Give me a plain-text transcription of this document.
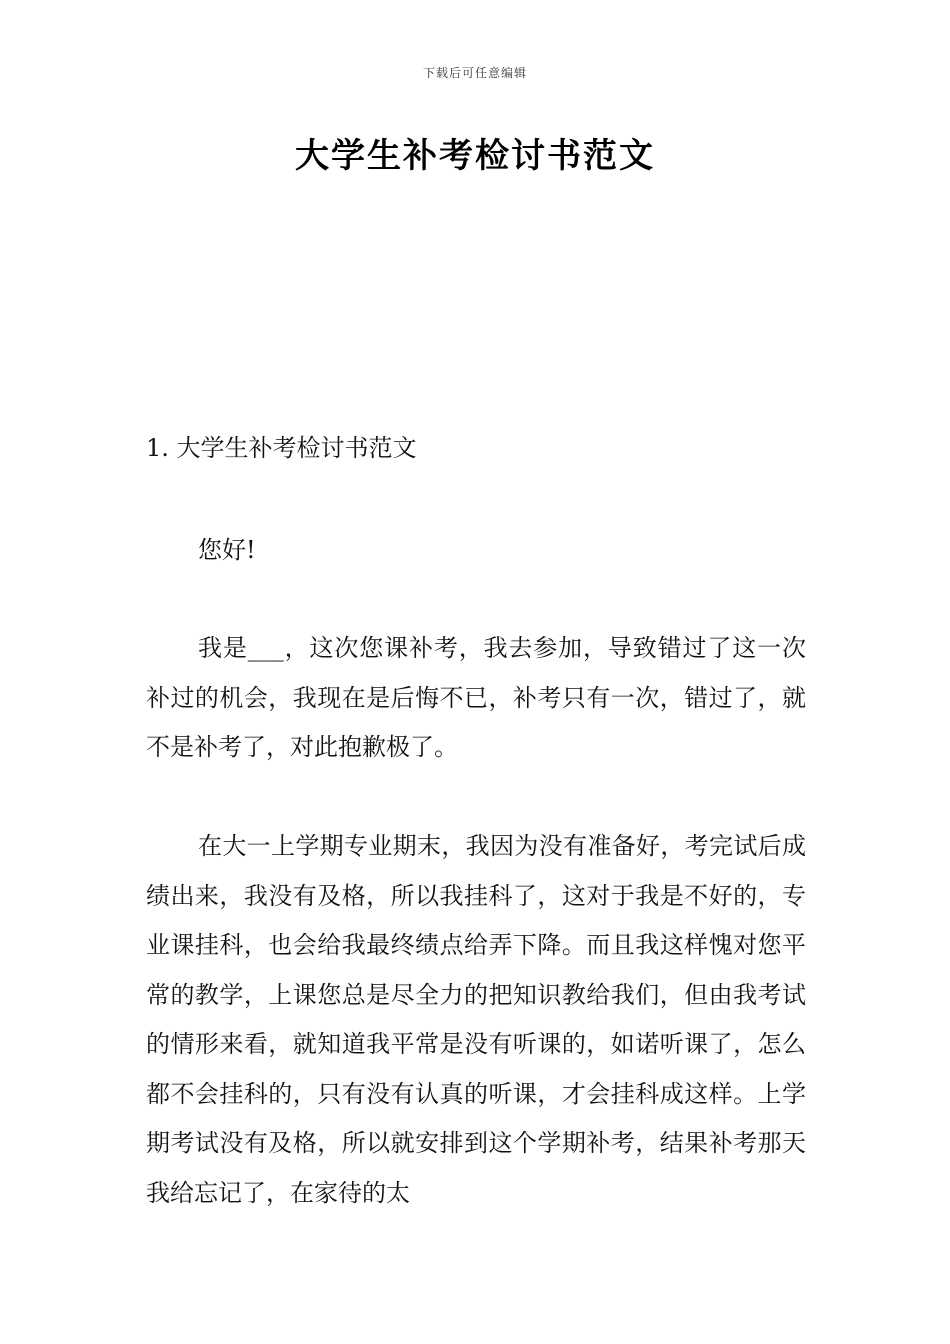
下载后可任意编辑
大学生补考检讨书范文
1. 大学生补考检讨书范文

您好!

我是___，这次您课补考，我去参加，导致错过了这一次补过的机会，我现在是后悔不已，补考只有一次，错过了，就不是补考了，对此抱歉极了。

在大一上学期专业期末，我因为没有准备好，考完试后成绩出来，我没有及格，所以我挂科了，这对于我是不好的，专业课挂科，也会给我最终绩点给弄下降。而且我这样愧对您平常的教学，上课您总是尽全力的把知识教给我们，但由我考试的情形来看，就知道我平常是没有听课的，如诺听课了，怎么都不会挂科的，只有没有认真的听课，才会挂科成这样。上学期考试没有及格，所以就安排到这个学期补考，结果补考那天我给忘记了，在家待的太
